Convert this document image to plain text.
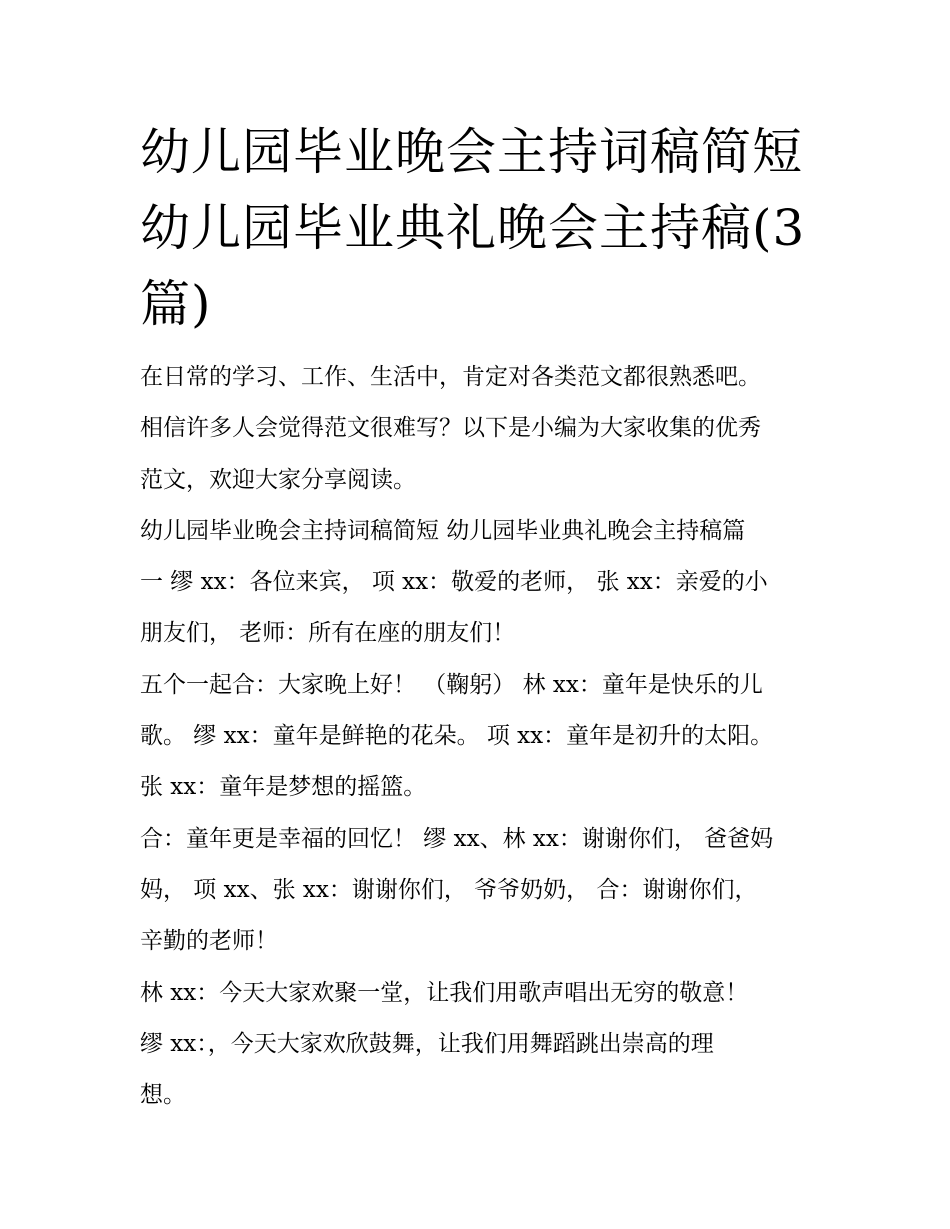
幼儿园毕业晚会主持词稿简短
幼儿园毕业典礼晚会主持稿(3
篇)
在日常的学习、工作、生活中，肯定对各类范文都很熟悉吧。
相信许多人会觉得范文很难写？以下是小编为大家收集的优秀
范文，欢迎大家分享阅读。
幼儿园毕业晚会主持词稿简短 幼儿园毕业典礼晚会主持稿篇
一 缪 xx：各位来宾， 项 xx：敬爱的老师， 张 xx：亲爱的小
朋友们， 老师：所有在座的朋友们！
五个一起合：大家晚上好！ （鞠躬） 林 xx：童年是快乐的儿
歌。 缪 xx：童年是鲜艳的花朵。 项 xx：童年是初升的太阳。
张 xx：童年是梦想的摇篮。
合：童年更是幸福的回忆！ 缪 xx、林 xx：谢谢你们， 爸爸妈
妈， 项 xx、张 xx：谢谢你们， 爷爷奶奶， 合：谢谢你们，
辛勤的老师！
林 xx：今天大家欢聚一堂，让我们用歌声唱出无穷的敬意！
缪 xx：，今天大家欢欣鼓舞，让我们用舞蹈跳出崇高的理
想。
